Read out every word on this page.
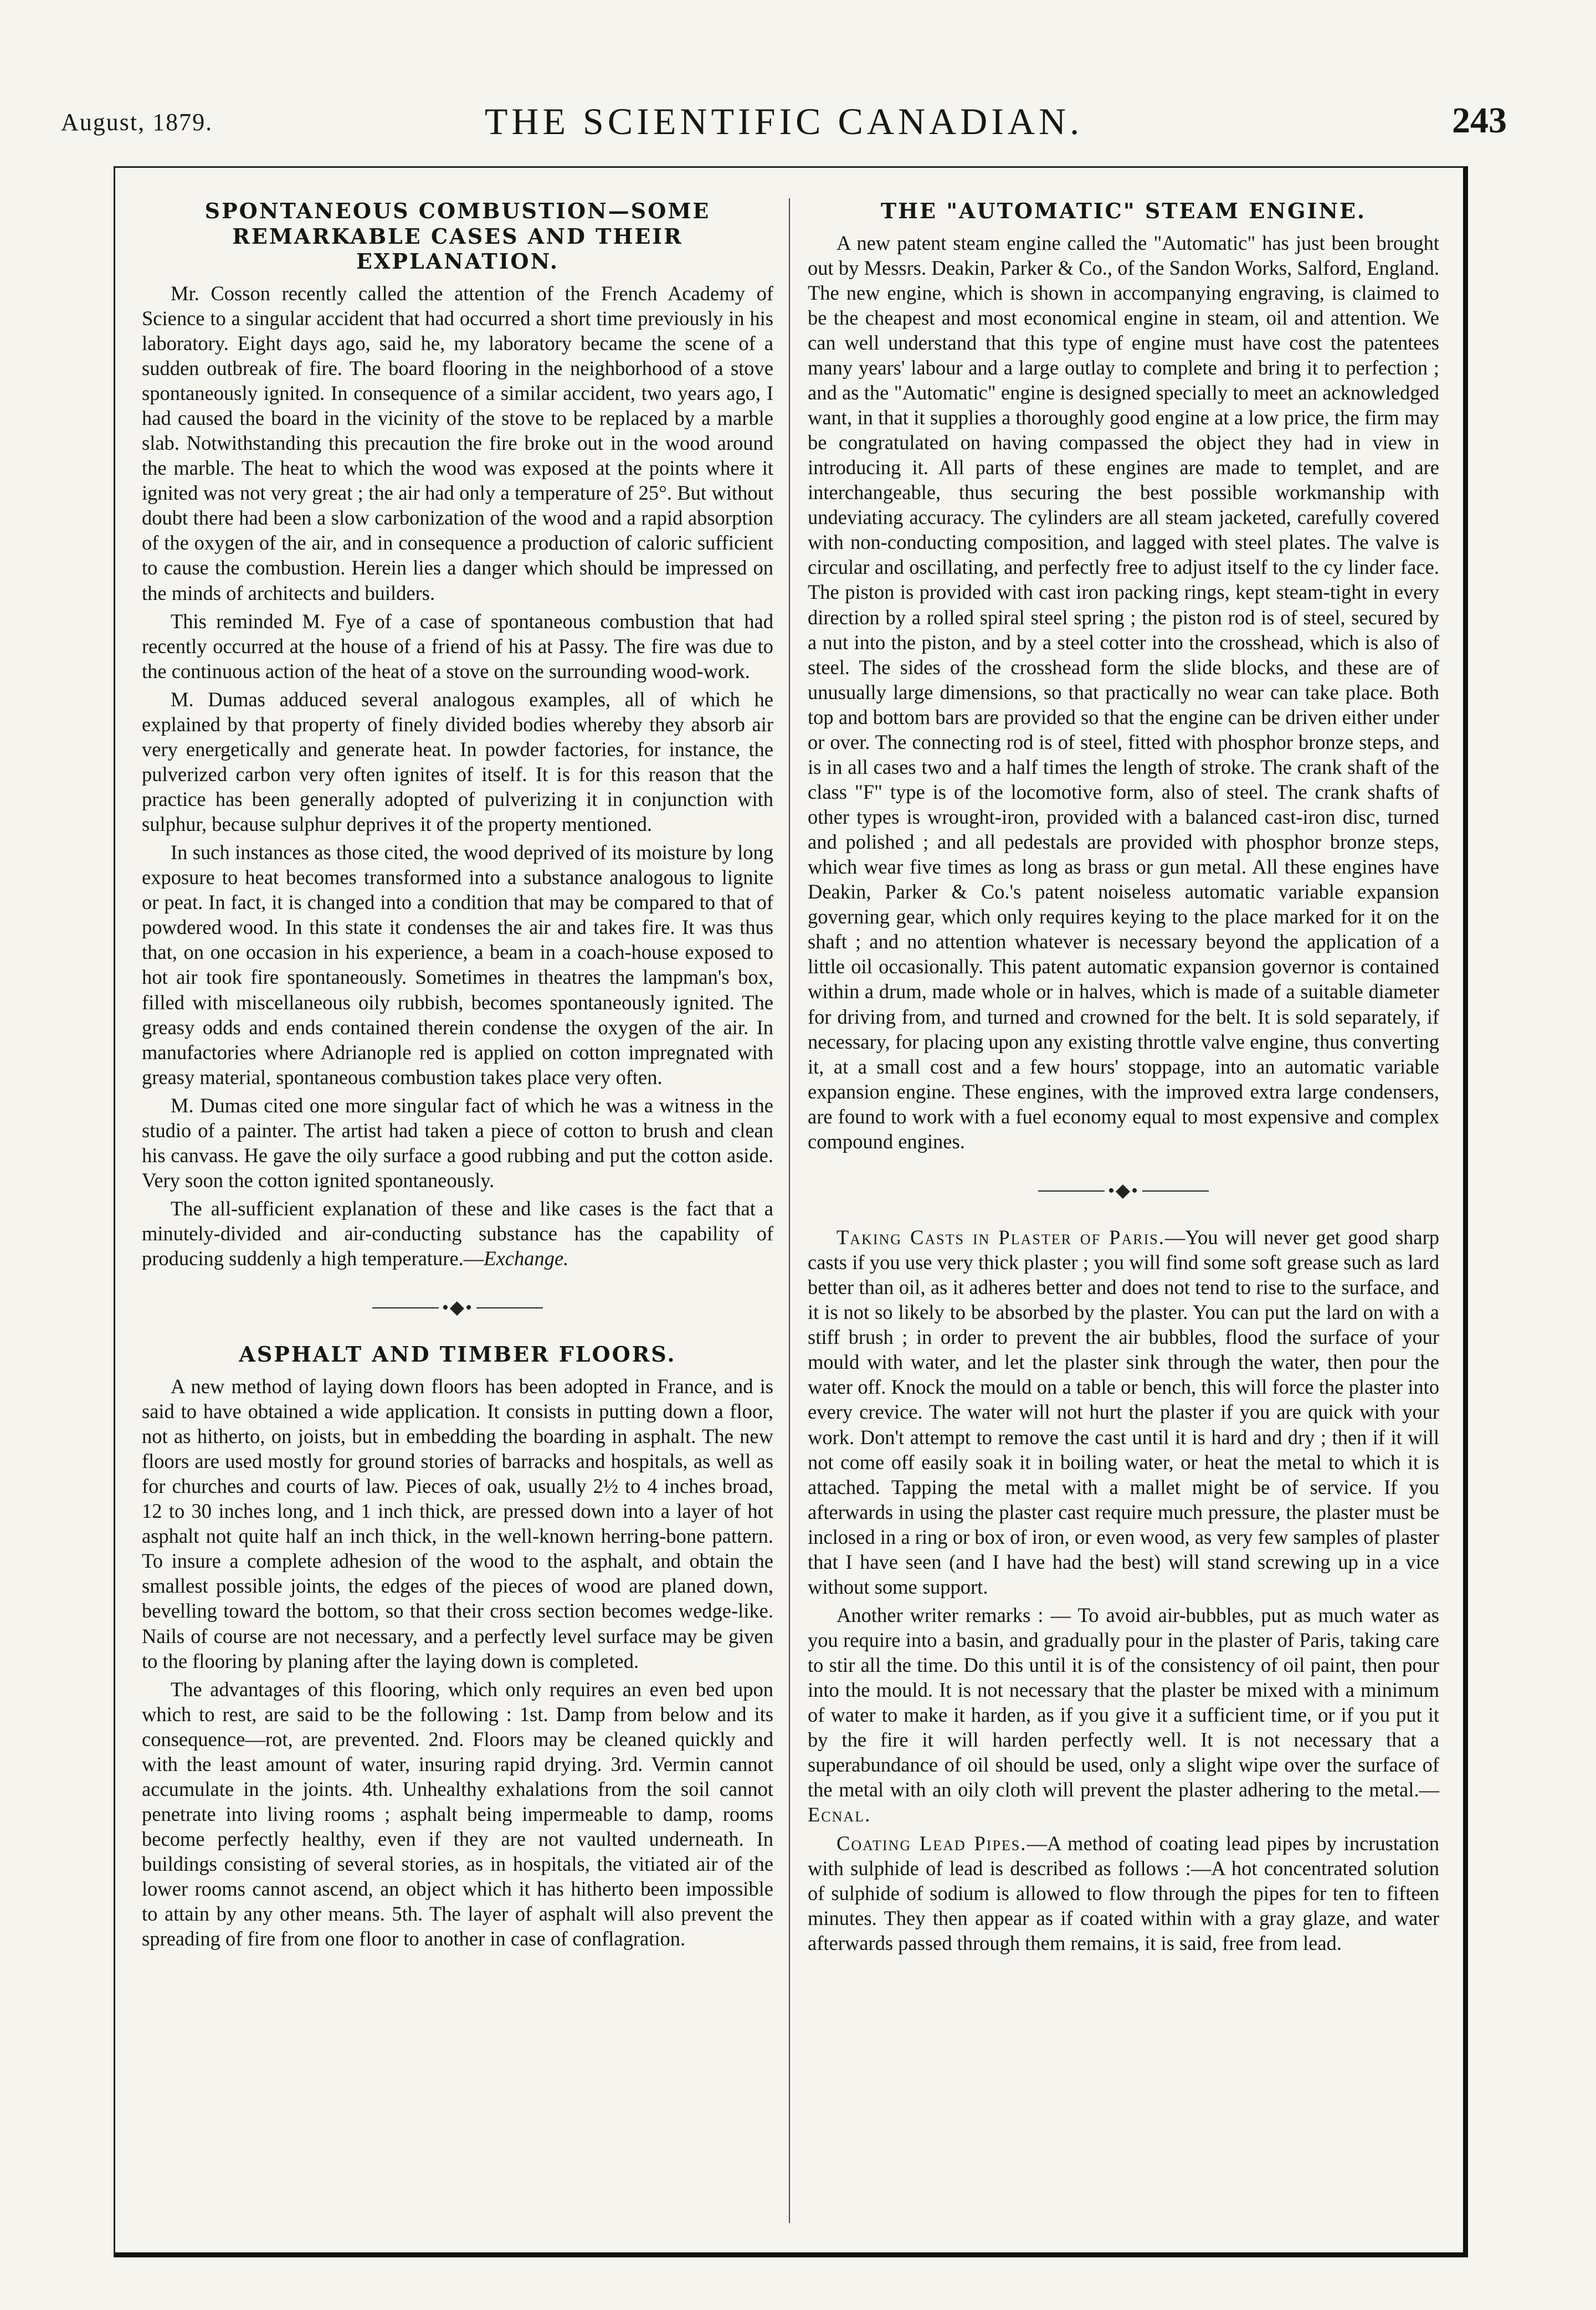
August, 1879.	THE SCIENTIFIC CANADIAN.	243
SPONTANEOUS COMBUSTION—SOME REMARKABLE CASES AND THEIR EXPLANATION.

Mr. Cosson recently called the attention of the French Academy of Science to a singular accident that had occurred a short time previously in his laboratory. Eight days ago, said he, my laboratory became the scene of a sudden outbreak of fire. The board flooring in the neighborhood of a stove spontaneously ignited. In consequence of a similar accident, two years ago, I had caused the board in the vicinity of the stove to be replaced by a marble slab. Notwithstanding this precaution the fire broke out in the wood around the marble. The heat to which the wood was exposed at the points where it ignited was not very great ; the air had only a temperature of 25°. But without doubt there had been a slow carbonization of the wood and a rapid absorption of the oxygen of the air, and in consequence a production of caloric sufficient to cause the combustion. Herein lies a danger which should be impressed on the minds of architects and builders.

This reminded M. Fye of a case of spontaneous combustion that had recently occurred at the house of a friend of his at Passy. The fire was due to the continuous action of the heat of a stove on the surrounding wood-work.

M. Dumas adduced several analogous examples, all of which he explained by that property of finely divided bodies whereby they absorb air very energetically and generate heat. In powder factories, for instance, the pulverized carbon very often ignites of itself. It is for this reason that the practice has been generally adopted of pulverizing it in conjunction with sulphur, because sulphur deprives it of the property mentioned.

In such instances as those cited, the wood deprived of its moisture by long exposure to heat becomes transformed into a substance analogous to lignite or peat. In fact, it is changed into a condition that may be compared to that of powdered wood. In this state it condenses the air and takes fire. It was thus that, on one occasion in his experience, a beam in a coach-house exposed to hot air took fire spontaneously. Sometimes in theatres the lampman's box, filled with miscellaneous oily rubbish, becomes spontaneously ignited. The greasy odds and ends contained therein condense the oxygen of the air. In manufactories where Adrianople red is applied on cotton impregnated with greasy material, spontaneous combustion takes place very often.

M. Dumas cited one more singular fact of which he was a witness in the studio of a painter. The artist had taken a piece of cotton to brush and clean his canvass. He gave the oily surface a good rubbing and put the cotton aside. Very soon the cotton ignited spontaneously.

The all-sufficient explanation of these and like cases is the fact that a minutely-divided and air-conducting substance has the capability of producing suddenly a high temperature.—Exchange.

•◆•
ASPHALT AND TIMBER FLOORS.

A new method of laying down floors has been adopted in France, and is said to have obtained a wide application. It consists in putting down a floor, not as hitherto, on joists, but in embedding the boarding in asphalt. The new floors are used mostly for ground stories of barracks and hospitals, as well as for churches and courts of law. Pieces of oak, usually 2½ to 4 inches broad, 12 to 30 inches long, and 1 inch thick, are pressed down into a layer of hot asphalt not quite half an inch thick, in the well-known herring-bone pattern. To insure a complete adhesion of the wood to the asphalt, and obtain the smallest possible joints, the edges of the pieces of wood are planed down, bevelling toward the bottom, so that their cross section becomes wedge-like. Nails of course are not necessary, and a perfectly level surface may be given to the flooring by planing after the laying down is completed.

The advantages of this flooring, which only requires an even bed upon which to rest, are said to be the following : 1st. Damp from below and its consequence—rot, are prevented. 2nd. Floors may be cleaned quickly and with the least amount of water, insuring rapid drying. 3rd. Vermin cannot accumulate in the joints. 4th. Unhealthy exhalations from the soil cannot penetrate into living rooms ; asphalt being impermeable to damp, rooms become perfectly healthy, even if they are not vaulted underneath. In buildings consisting of several stories, as in hospitals, the vitiated air of the lower rooms cannot ascend, an object which it has hitherto been impossible to attain by any other means. 5th. The layer of asphalt will also prevent the spreading of fire from one floor to another in case of conflagration.

THE "AUTOMATIC" STEAM ENGINE.

A new patent steam engine called the "Automatic" has just been brought out by Messrs. Deakin, Parker & Co., of the Sandon Works, Salford, England. The new engine, which is shown in accompanying engraving, is claimed to be the cheapest and most economical engine in steam, oil and attention. We can well understand that this type of engine must have cost the patentees many years' labour and a large outlay to complete and bring it to perfection ; and as the "Automatic" engine is designed specially to meet an acknowledged want, in that it supplies a thoroughly good engine at a low price, the firm may be congratulated on having compassed the object they had in view in introducing it. All parts of these engines are made to templet, and are interchangeable, thus securing the best possible workmanship with undeviating accuracy. The cylinders are all steam jacketed, carefully covered with non-conducting composition, and lagged with steel plates. The valve is circular and oscillating, and perfectly free to adjust itself to the cy linder face. The piston is provided with cast iron packing rings, kept steam-tight in every direction by a rolled spiral steel spring ; the piston rod is of steel, secured by a nut into the piston, and by a steel cotter into the crosshead, which is also of steel. The sides of the crosshead form the slide blocks, and these are of unusually large dimensions, so that practically no wear can take place. Both top and bottom bars are provided so that the engine can be driven either under or over. The connecting rod is of steel, fitted with phosphor bronze steps, and is in all cases two and a half times the length of stroke. The crank shaft of the class "F" type is of the locomotive form, also of steel. The crank shafts of other types is wrought-iron, provided with a balanced cast-iron disc, turned and polished ; and all pedestals are provided with phosphor bronze steps, which wear five times as long as brass or gun metal. All these engines have Deakin, Parker & Co.'s patent noiseless automatic variable expansion governing gear, which only requires keying to the place marked for it on the shaft ; and no attention whatever is necessary beyond the application of a little oil occasionally. This patent automatic expansion governor is contained within a drum, made whole or in halves, which is made of a suitable diameter for driving from, and turned and crowned for the belt. It is sold separately, if necessary, for placing upon any existing throttle valve engine, thus converting it, at a small cost and a few hours' stoppage, into an automatic variable expansion engine. These engines, with the improved extra large condensers, are found to work with a fuel economy equal to most expensive and complex compound engines.

•◆•

Taking Casts in Plaster of Paris.—You will never get good sharp casts if you use very thick plaster ; you will find some soft grease such as lard better than oil, as it adheres better and does not tend to rise to the surface, and it is not so likely to be absorbed by the plaster. You can put the lard on with a stiff brush ; in order to prevent the air bubbles, flood the surface of your mould with water, and let the plaster sink through the water, then pour the water off. Knock the mould on a table or bench, this will force the plaster into every crevice. The water will not hurt the plaster if you are quick with your work. Don't attempt to remove the cast until it is hard and dry ; then if it will not come off easily soak it in boiling water, or heat the metal to which it is attached. Tapping the metal with a mallet might be of service. If you afterwards in using the plaster cast require much pressure, the plaster must be inclosed in a ring or box of iron, or even wood, as very few samples of plaster that I have seen (and I have had the best) will stand screwing up in a vice without some support.

Another writer remarks : — To avoid air-bubbles, put as much water as you require into a basin, and gradually pour in the plaster of Paris, taking care to stir all the time. Do this until it is of the consistency of oil paint, then pour into the mould. It is not necessary that the plaster be mixed with a minimum of water to make it harden, as if you give it a sufficient time, or if you put it by the fire it will harden perfectly well. It is not necessary that a superabundance of oil should be used, only a slight wipe over the surface of the metal with an oily cloth will prevent the plaster adhering to the metal.—Ecnal.

Coating Lead Pipes.—A method of coating lead pipes by incrustation with sulphide of lead is described as follows :—A hot concentrated solution of sulphide of sodium is allowed to flow through the pipes for ten to fifteen minutes. They then appear as if coated within with a gray glaze, and water afterwards passed through them remains, it is said, free from lead.
